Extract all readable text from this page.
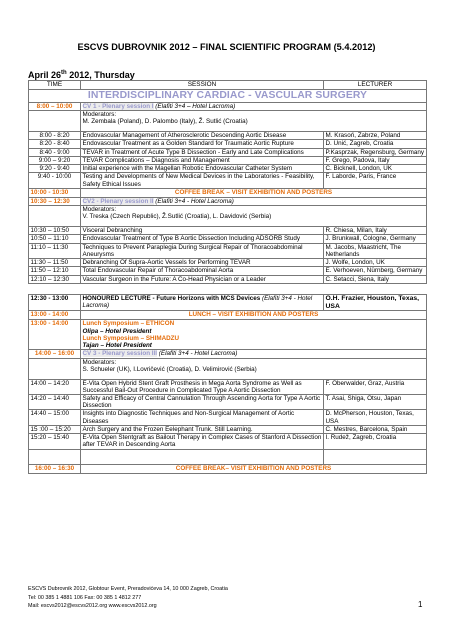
ESCVS DUBROVNIK 2012 – FINAL SCIENTIFIC PROGRAM (5.4.2012)
April 26th 2012, Thursday
TIME	SESSION	LECTURER
INTERDISCIPLINARY CARDIAC - VASCULAR SURGERY		
8:00 – 10:00	CV 1 - Plenary session I (Elafiti 3+4 – Hotel Lacroma)	
	Moderators:
M. Zembala (Poland), D. Palombo (Italy), Ž. Sutlić (Croatia)	
8:00 - 8:20	Endovascular Management of Atherosclerotic Descending Aortic Disease	M. Krasoń, Zabrze, Poland
8:20 - 8:40	Endovascular Treatment as a Golden Standard for Traumatic Aortic Rupture	D. Unić, Zagreb, Croatia
8:40 - 9:00	TEVAR in Treatment of Acute Type B Dissection - Early and Late Complications	P.Kasprzak, Regensburg, Germany
9:00 – 9:20	TEVAR Complications – Diagnosis and Management	F. Grego, Padova, Italy
9:20 - 9:40	Initial experience with the Magellan Robotic Endovascular Catheter System	C. Bicknell, London, UK
9:40 - 10:00	Testing and Developments of New Medical Devices in the Laboratories - Feasibility, Safety Ethical Issues	F. Laborde, Paris, France
10:00 - 10:30	COFFEE BREAK – VISIT EXHIBITION AND POSTERS	
10:30 – 12:30	CV2 - Plenary session II (Elafiti 3+4 - Hotel Lacroma)	
	Moderators:
V. Treska (Czech Republic), Ž.Sutlić (Croatia), L. Davidović (Serbia)	
10:30 – 10:50	Visceral Debranching	R. Chiesa, Milan, Italy
10:50 – 11:10	Endovascular Treatment of Type B Aortic Dissection Including ADSORB Study	J. Brunkwall, Cologne, Germany
11:10 – 11:30	Techniques to Prevent Paraplegia During Surgical Repair of Thoracoabdominal Aneurysms	M. Jacobs, Maastricht, The Netherlands
11:30 – 11:50	Debranching Of Supra-Aortic Vessels for Performing TEVAR	J. Wolfe, London, UK
11:50 – 12:10	Total Endovascular Repair of Thoracoabdominal Aorta	E. Verhoeven, Nürnberg, Germany
12:10 – 12:30	Vascular Surgeon in the Future: A Co-Head Physician or a Leader	C. Setacci, Siena, Italy

12:30 - 13:00	HONOURED LECTURE - Future Horizons with MCS Devices (Elafiti 3+4 - Hotel Lacroma)	O.H. Frazier, Houston, Texas, USA
13:00 - 14:00	LUNCH – VISIT EXHIBITION AND POSTERS	
13:00 - 14:00	Lunch Symposium – ETHICON
Olipa – Hotel President
Lunch Symposium – SHIMADZU
Tajan – Hotel President	

14:00 – 16:00	CV 3 - Plenary session III (Elafiti 3+4 - Hotel Lacroma)	
	Moderators:
S. Schueler (UK), I.Lovričević (Croatia), D. Velimirović (Serbia)	
14:00 – 14:20	E-Vita Open Hybrid Stent Graft Prosthesis in Mega Aorta Syndrome as Well as Successful Bail-Out Procedure in Complicated Type A Aortic Dissection	F. Oberwalder, Graz, Austria
14:20 – 14:40	Safety and Efficacy of Central Cannulation Through Ascending Aorta for Type A Aortic Dissection	T. Asai, Shiga, Otsu, Japan
14:40 – 15:00	Insights into Diagnostic Techniques and Non-Surgical Management of Aortic Diseases	D. McPherson, Houston, Texas, USA
15 :00 – 15:20	Arch Surgery and the Frozen Eelephant Trunk. Still Learning.	C. Mestres, Barcelona, Spain
15:20 – 15:40	E-Vita Open Stentgraft as Bailout Therapy in Complex Cases of Stanford A Dissection after TEVAR in Descending Aorta	I. Rudež, Zagreb, Croatia

16:00 – 16:30	COFFEE BREAK– VISIT EXHIBITION AND POSTERS	
ESCVS Dubrovnik 2012, Globtour Event, Preradovićeva 14, 10 000 Zagreb, Croatia
Tel: 00 385 1 4881 106 Fax: 00 385 1 4812 277
Mail: escvs2012@escvs2012.org www.escvs2012.org	1
